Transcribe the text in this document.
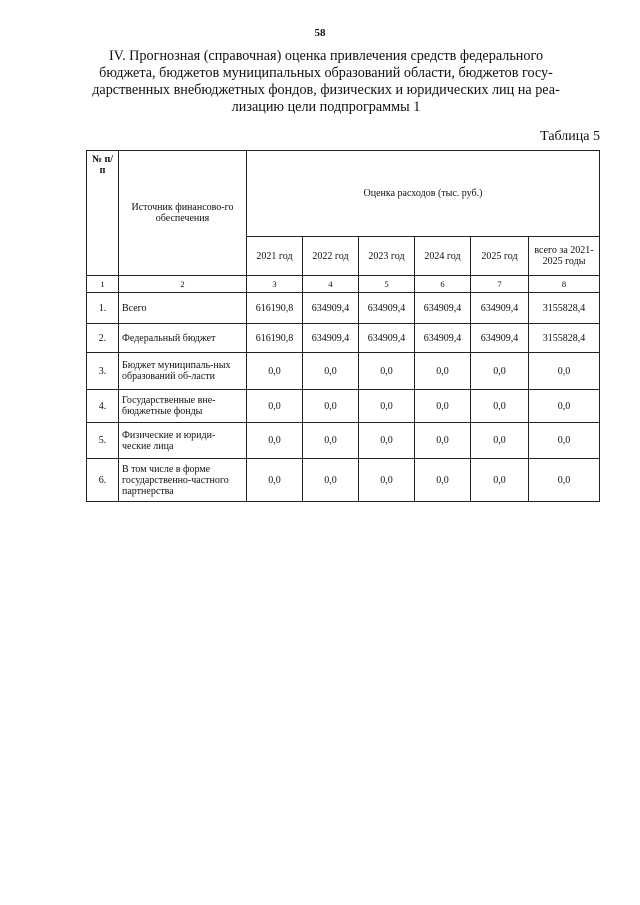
58
IV. Прогнозная (справочная) оценка привлечения средств федерального
бюджета, бюджетов муниципальных образований области, бюджетов госу-
дарственных внебюджетных фондов, физических и юридических лиц на реа-
лизацию цели подпрограммы 1
Таблица 5
№ п/п	Источник финансово-го обеспечения	Оценка расходов (тыс. руб.)					
		2021 год	2022 год	2023 год	2024 год	2025 год	всего за 2021-2025 годы
1	2	3	4	5	6	7	8
1.	Всего	616190,8	634909,4	634909,4	634909,4	634909,4	3155828,4
2.	Федеральный бюджет	616190,8	634909,4	634909,4	634909,4	634909,4	3155828,4
3.	Бюджет муниципаль-ных образований об-ласти	0,0	0,0	0,0	0,0	0,0	0,0
4.	Государственные вне-бюджетные фонды	0,0	0,0	0,0	0,0	0,0	0,0
5.	Физические и юриди-ческие лица	0,0	0,0	0,0	0,0	0,0	0,0
6.	В том числе в форме государственно-частного партнерства	0,0	0,0	0,0	0,0	0,0	0,0
